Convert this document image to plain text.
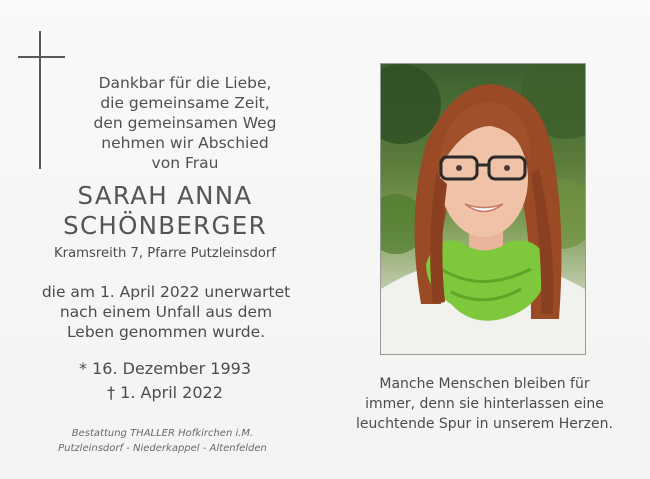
Dankbar für die Liebe,
die gemeinsame Zeit,
den gemeinsamen Weg
nehmen wir Abschied
von Frau
SARAH ANNA
SCHÖNBERGER
Kramsreith 7, Pfarre Putzleinsdorf
die am 1. April 2022 unerwartet
nach einem Unfall aus dem
Leben genommen wurde.
* 16. Dezember 1993
† 1. April 2022
Bestattung THALLER Hofkirchen i.M.
Putzleinsdorf - Niederkappel - Altenfelden
Manche Menschen bleiben für
immer, denn sie hinterlassen eine
leuchtende Spur in unserem Herzen.
